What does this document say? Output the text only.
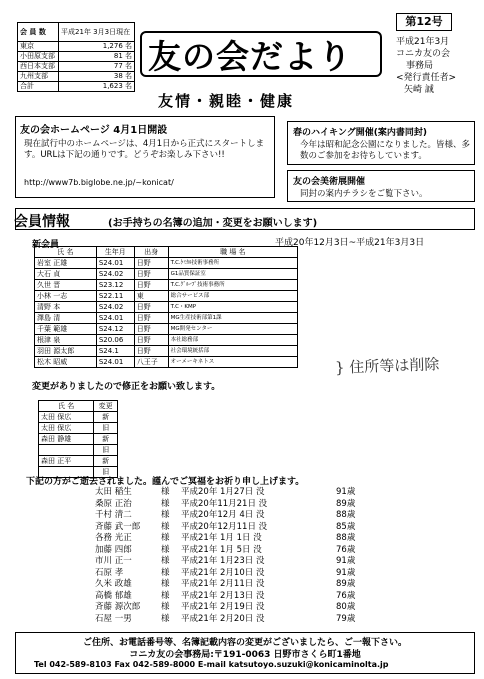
会 員 数	平成21年 3月3日現在
東京	1,276 名
小田原支部	81 名
西日本支部	77 名
九州支部	38 名
合計	1,623 名
友の会だより
友情・親睦・健康
第12号
平成21年3月
コニカ友の会
事務局
<発行責任者>
矢崎 誠
友の会ホームページ 4月1日開設
現在試行中のホームページは、4月1日から正式にスタートします。URLは下記の通りです。どうぞお楽しみ下さい!!
http://www7b.biglobe.ne.jp/~konicat/
春のハイキング開催(案内書同封)
今年は昭和記念公園になりました。皆様、多数のご参加をお待ちしています。
友の会美術展開催
同封の案内チラシをご覧下さい。
会員情報	(お手持ちの名簿の追加・変更をお願いします)
新会員	平成20年12月3日~平成21年3月3日
氏 名	生年月	出身	職 場 名
岩室 正雄	S24.01	日野	T.C.ｹﾐｶﾙ技術事務所
大石 貞	S24.02	日野	G1品質保証室
久世 晋	S23.12	日野	T.C.ｸﾞﾙｰﾌﾟ技術事務所
小林 一志	S22.11	東	総合サービス部
清野 本	S24.02	日野	T.C・KMP
澤島 清	S24.01	日野	MG生産技術部第1課
千葉 範雄	S24.12	日野	MG開発センター
根津 泉	S20.06	日野	本社総務部
羽田 源太郎	S24.1	日野	社会環境統括部
松木 昭威	S24.01	八王子	オーメーキネトス	} 住所等は削除
変更がありましたので修正をお願い致します。
氏 名	変更
太田 保広	新
太田 保広	旧
森田 静雄	新
	旧
森田 正平	新
	旧
下記の方がご逝去されました。謹んでご冥福をお祈り申し上げます。
太田 稲生	様	平成20年 1月27日 没	91歳
桑原 正治	様	平成20年11月21日 没	89歳
千村 清二	様	平成20年12月 4日 没	88歳
斉藤 武一郎	様	平成20年12月11日 没	85歳
各務 光正	様	平成21年 1月 1日 没	88歳
加藤 四郎	様	平成21年 1月 5日 没	76歳
市川 正一	様	平成21年 1月23日 没	91歳
石原 孝	様	平成21年 2月10日 没	91歳
久米 政雄	様	平成21年 2月11日 没	89歳
高橋 郁雄	様	平成21年 2月13日 没	76歳
斉藤 源次郎	様	平成21年 2月19日 没	80歳
石屋 一男	様	平成21年 2月20日 没	79歳
ご住所、お電話番号等、名簿記載内容の変更がございましたら、ご一報下さい。
コニカ友の会事務局:〒191-0063 日野市さくら町1番地
Tel 042-589-8103 Fax 042-589-8000 E-mail katsutoyo.suzuki@konicaminolta.jp
